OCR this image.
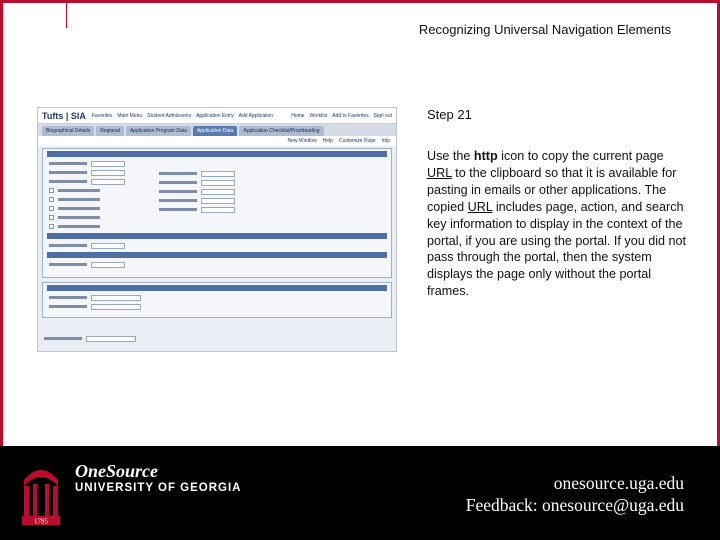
Recognizing Universal Navigation Elements
Tufts | SIA Favorites Main Menu Student Admissions Application Entry Add Application	Home Worklist Add to Favorites Sign out
Biographical Details	Regional	Application Program Data	Application Data	Application Checklist/Proofreading
New Window Help Customize Page http
Step 21
Use the http icon to copy the current page URL to the clipboard so that it is available for pasting in emails or other applications. The copied URL includes page, action, and search key information to display in the context of the portal, if you are using the portal. If you did not pass through the portal, then the system displays the page only without the portal frames.
1785
OneSource
UNIVERSITY OF GEORGIA	onesource.uga.edu
Feedback: onesource@uga.edu
